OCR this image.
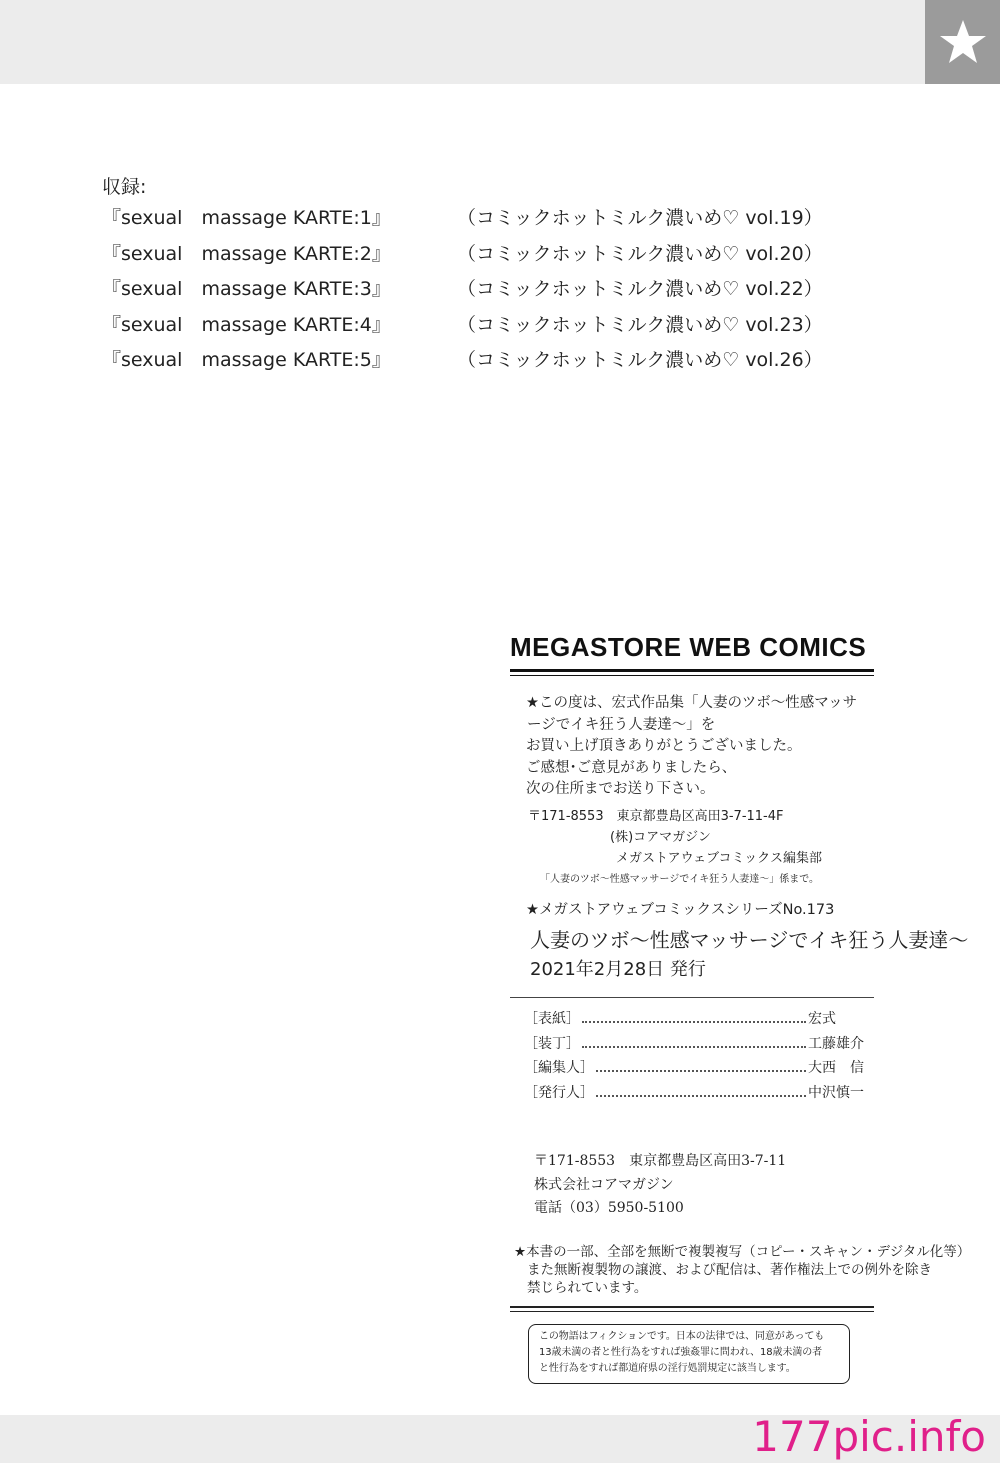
収録:
『sexual　massage KARTE:1』	（コミックホットミルク濃いめ♡ vol.19）
『sexual　massage KARTE:2』	（コミックホットミルク濃いめ♡ vol.20）
『sexual　massage KARTE:3』	（コミックホットミルク濃いめ♡ vol.22）
『sexual　massage KARTE:4』	（コミックホットミルク濃いめ♡ vol.23）
『sexual　massage KARTE:5』	（コミックホットミルク濃いめ♡ vol.26）
MEGASTORE WEB COMICS
★この度は、宏式作品集「人妻のツボ〜性感マッサ
ージでイキ狂う人妻達〜」を
お買い上げ頂きありがとうございました。
ご感想･ご意見がありましたら、
次の住所までお送り下さい。
〒171-8553　東京都豊島区高田3-7-11-4F
(株)コアマガジン
メガストアウェブコミックス編集部
「人妻のツボ〜性感マッサージでイキ狂う人妻達〜」係まで。
★メガストアウェブコミックスシリーズNo.173
人妻のツボ〜性感マッサージでイキ狂う人妻達〜
2021年2月28日 発行
［表紙］	宏式
［装丁］	工藤雄介
［編集人］	大西　信
［発行人］	中沢慎一
〒171-8553　東京都豊島区高田3-7-11
株式会社コアマガジン
電話（03）5950-5100
★本書の一部、全部を無断で複製複写（コピー・スキャン・デジタル化等）
また無断複製物の譲渡、および配信は、著作権法上での例外を除き
禁じられています。
この物語はフィクションです。日本の法律では、同意があっても
13歳未満の者と性行為をすれば強姦罪に問われ、18歳未満の者
と性行為をすれば都道府県の淫行処罰規定に該当します。
177pic.info
